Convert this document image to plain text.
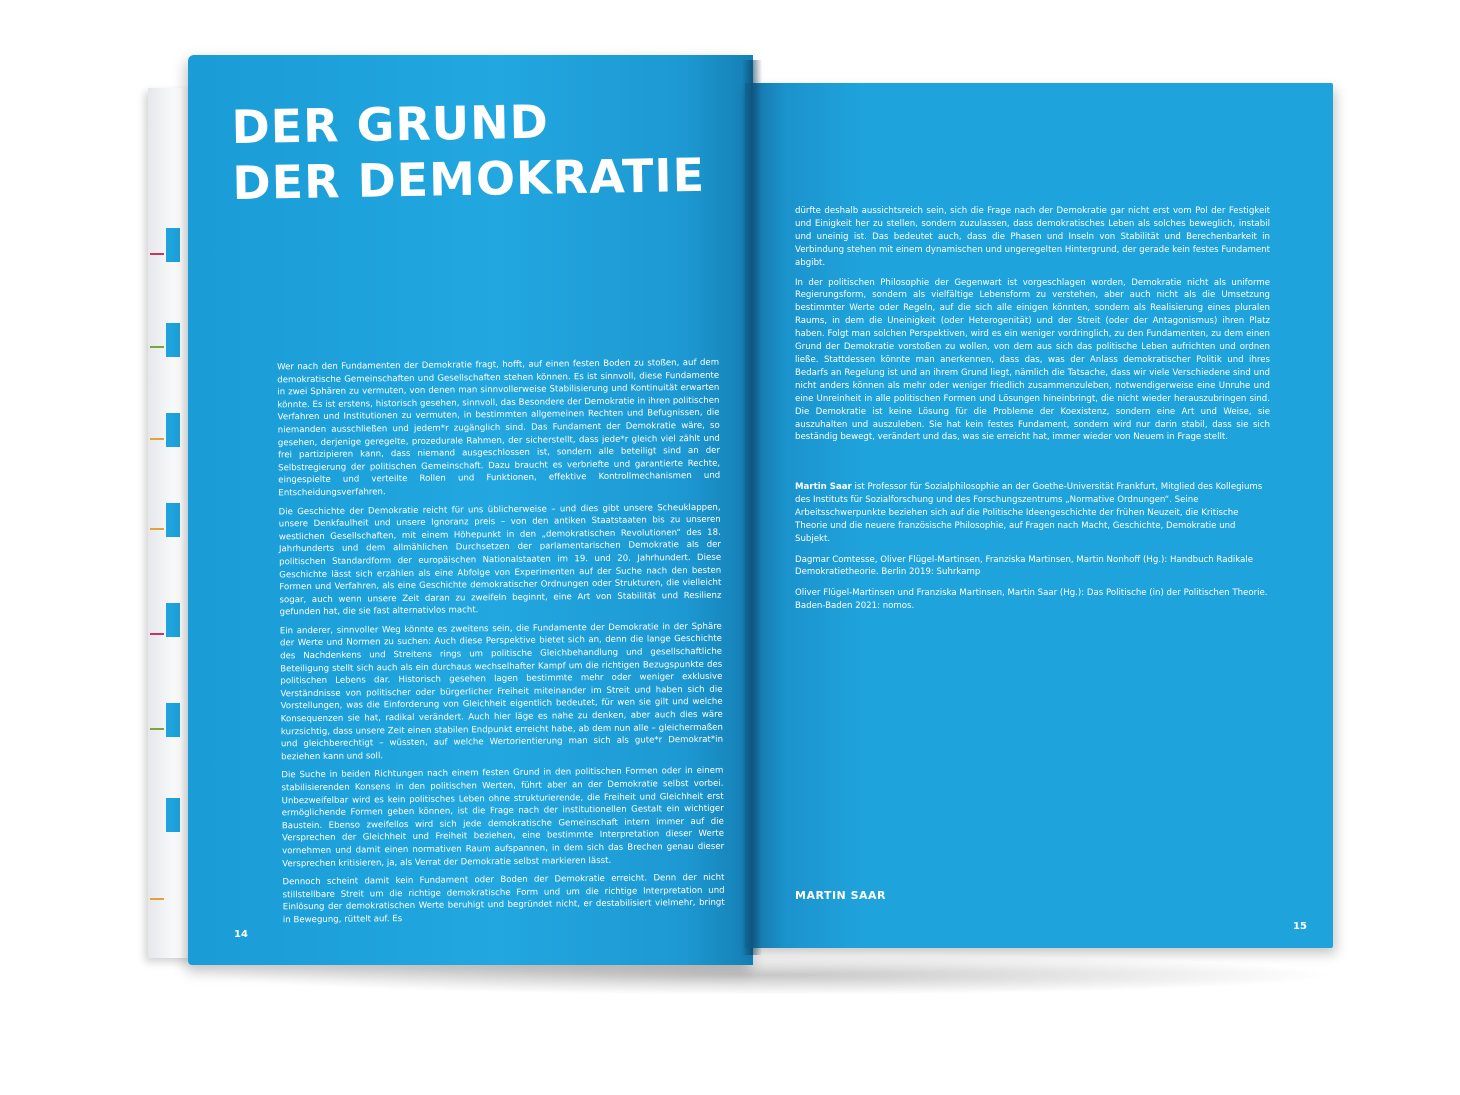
DER GRUND
DER DEMOKRATIE

Wer nach den Fundamenten der Demokratie fragt, hofft, auf einen festen Boden zu stoßen, auf dem demokratische Gemeinschaften und Gesellschaften stehen können. Es ist sinnvoll, diese Fundamente in zwei Sphären zu vermuten, von denen man sinnvollerweise Stabilisierung und Kontinuität erwarten könnte. Es ist erstens, historisch gesehen, sinnvoll, das Besondere der Demokratie in ihren politischen Verfahren und Institutionen zu vermuten, in bestimmten allgemeinen Rechten und Befugnissen, die niemanden ausschließen und jedem*r zugänglich sind. Das Fundament der Demokratie wäre, so gesehen, derjenige geregelte, prozedurale Rahmen, der sicherstellt, dass jede*r gleich viel zählt und frei partizipieren kann, dass niemand ausgeschlossen ist, sondern alle beteiligt sind an der Selbstregierung der politischen Gemeinschaft. Dazu braucht es verbriefte und garantierte Rechte, eingespielte und verteilte Rollen und Funktionen, effektive Kontrollmechanismen und Entscheidungsverfahren.

Die Geschichte der Demokratie reicht für uns üblicherweise – und dies gibt unsere Scheuklappen, unsere Denkfaulheit und unsere Ignoranz preis – von den antiken Staatstaaten bis zu unseren westlichen Gesellschaften, mit einem Höhepunkt in den „demokratischen Revolutionen“ des 18. Jahrhunderts und dem allmählichen Durchsetzen der parlamentarischen Demokratie als der politischen Standardform der europäischen Nationalstaaten im 19. und 20. Jahrhundert. Diese Geschichte lässt sich erzählen als eine Abfolge von Experimenten auf der Suche nach den besten Formen und Verfahren, als eine Geschichte demokratischer Ordnungen oder Strukturen, die vielleicht sogar, auch wenn unsere Zeit daran zu zweifeln beginnt, eine Art von Stabilität und Resilienz gefunden hat, die sie fast alternativlos macht.

Ein anderer, sinnvoller Weg könnte es zweitens sein, die Fundamente der Demokratie in der Sphäre der Werte und Normen zu suchen: Auch diese Perspektive bietet sich an, denn die lange Geschichte des Nachdenkens und Streitens rings um politische Gleichbehandlung und gesellschaftliche Beteiligung stellt sich auch als ein durchaus wechselhafter Kampf um die richtigen Bezugspunkte des politischen Lebens dar. Historisch gesehen lagen bestimmte mehr oder weniger exklusive Verständnisse von politischer oder bürgerlicher Freiheit miteinander im Streit und haben sich die Vorstellungen, was die Einforderung von Gleichheit eigentlich bedeutet, für wen sie gilt und welche Konsequenzen sie hat, radikal verändert. Auch hier läge es nahe zu denken, aber auch dies wäre kurzsichtig, dass unsere Zeit einen stabilen Endpunkt erreicht habe, ab dem nun alle – gleichermaßen und gleichberechtigt – wüssten, auf welche Wertorientierung man sich als gute*r Demokrat*in beziehen kann und soll.

Die Suche in beiden Richtungen nach einem festen Grund in den politischen Formen oder in einem stabilisierenden Konsens in den politischen Werten, führt aber an der Demokratie selbst vorbei. Unbezweifelbar wird es kein politisches Leben ohne strukturierende, die Freiheit und Gleichheit erst ermöglichende Formen geben können, ist die Frage nach der institutionellen Gestalt ein wichtiger Baustein. Ebenso zweifellos wird sich jede demokratische Gemeinschaft intern immer auf die Versprechen der Gleichheit und Freiheit beziehen, eine bestimmte Interpretation dieser Werte vornehmen und damit einen normativen Raum aufspannen, in dem sich das Brechen genau dieser Versprechen kritisieren, ja, als Verrat der Demokratie selbst markieren lässt.

Dennoch scheint damit kein Fundament oder Boden der Demokratie erreicht. Denn der nicht stillstellbare Streit um die richtige demokratische Form und um die richtige Interpretation und Einlösung der demokratischen Werte beruhigt und begründet nicht, er destabilisiert vielmehr, bringt in Bewegung, rüttelt auf. Es

14

dürfte deshalb aussichtsreich sein, sich die Frage nach der Demokratie gar nicht erst vom Pol der Festigkeit und Einigkeit her zu stellen, sondern zuzulassen, dass demokratisches Leben als solches beweglich, instabil und uneinig ist. Das bedeutet auch, dass die Phasen und Inseln von Stabilität und Berechenbarkeit in Verbindung stehen mit einem dynamischen und ungeregelten Hintergrund, der gerade kein festes Fundament abgibt.

In der politischen Philosophie der Gegenwart ist vorgeschlagen worden, Demokratie nicht als uniforme Regierungsform, sondern als vielfältige Lebensform zu verstehen, aber auch nicht als die Umsetzung bestimmter Werte oder Regeln, auf die sich alle einigen könnten, sondern als Realisierung eines pluralen Raums, in dem die Uneinigkeit (oder Heterogenität) und der Streit (oder der Antagonismus) ihren Platz haben. Folgt man solchen Perspektiven, wird es ein weniger vordringlich, zu den Fundamenten, zu dem einen Grund der Demokratie vorstoßen zu wollen, von dem aus sich das politische Leben aufrichten und ordnen ließe. Stattdessen könnte man anerkennen, dass das, was der Anlass demokratischer Politik und ihres Bedarfs an Regelung ist und an ihrem Grund liegt, nämlich die Tatsache, dass wir viele Verschiedene sind und nicht anders können als mehr oder weniger friedlich zusammenzuleben, notwendigerweise eine Unruhe und eine Unreinheit in alle politischen Formen und Lösungen hineinbringt, die nicht wieder herauszubringen sind. Die Demokratie ist keine Lösung für die Probleme der Koexistenz, sondern eine Art und Weise, sie auszuhalten und auszuleben. Sie hat kein festes Fundament, sondern wird nur darin stabil, dass sie sich beständig bewegt, verändert und das, was sie erreicht hat, immer wieder von Neuem in Frage stellt.

Martin Saar ist Professor für Sozialphilosophie an der Goethe-Universität Frankfurt, Mitglied des Kollegiums des Instituts für Sozialforschung und des Forschungszentrums „Normative Ordnungen“. Seine Arbeitsschwerpunkte beziehen sich auf die Politische Ideengeschichte der frühen Neuzeit, die Kritische Theorie und die neuere französische Philosophie, auf Fragen nach Macht, Geschichte, Demokratie und Subjekt.

Dagmar Comtesse, Oliver Flügel-Martinsen, Franziska Martinsen, Martin Nonhoff (Hg.): Handbuch Radikale Demokratietheorie. Berlin 2019: Suhrkamp

Oliver Flügel-Martinsen und Franziska Martinsen, Martin Saar (Hg.): Das Politische (in) der Politischen Theorie. Baden-Baden 2021: nomos.

MARTIN SAAR
15
